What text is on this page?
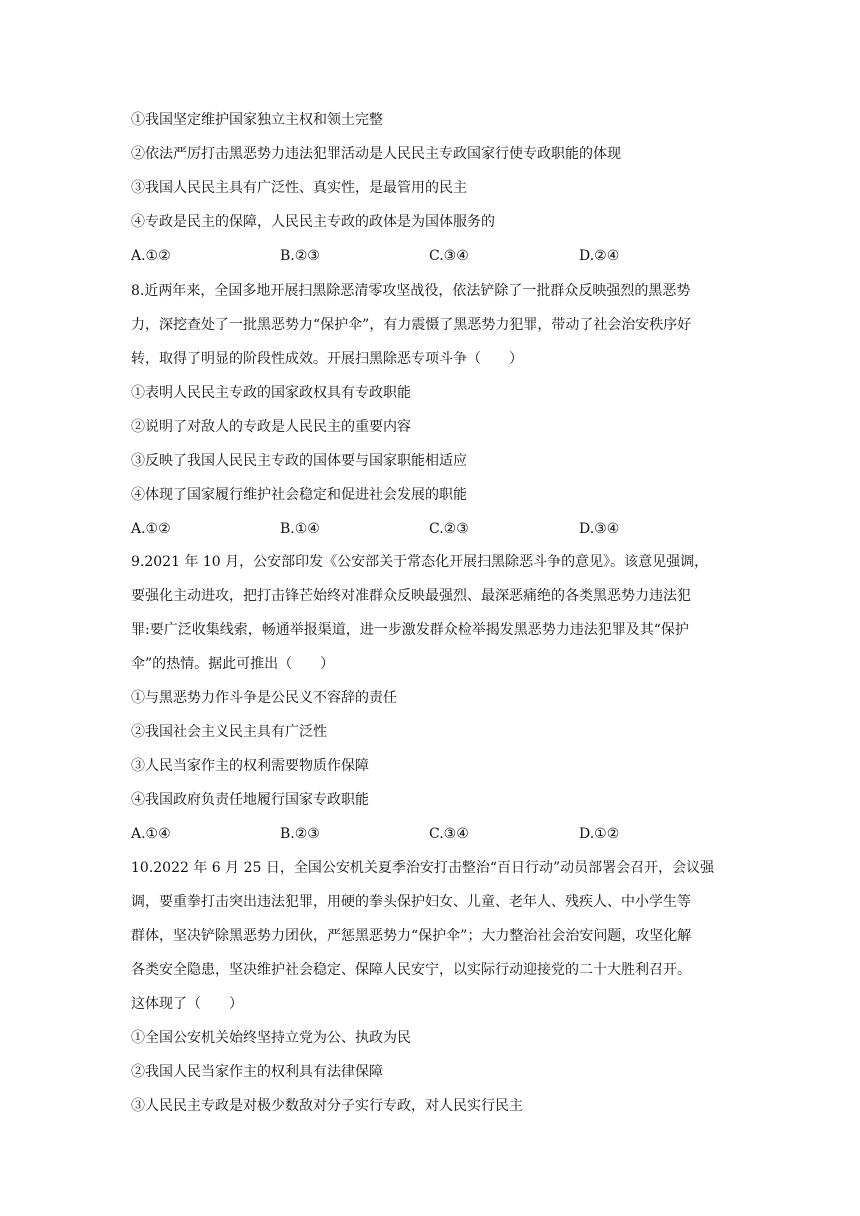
①我国坚定维护国家独立主权和领土完整
②依法严厉打击黑恶势力违法犯罪活动是人民民主专政国家行使专政职能的体现
③我国人民民主具有广泛性、真实性，是最管用的民主
④专政是民主的保障，人民民主专政的政体是为国体服务的
A.①②	B.②③	C.③④	D.②④
8.近两年来，全国多地开展扫黑除恶清零攻坚战役，依法铲除了一批群众反映强烈的黑恶势
力，深挖查处了一批黑恶势力“保护伞”，有力震慑了黑恶势力犯罪，带动了社会治安秩序好
转，取得了明显的阶段性成效。开展扫黑除恶专项斗争（　　）
①表明人民民主专政的国家政权具有专政职能
②说明了对敌人的专政是人民民主的重要内容
③反映了我国人民民主专政的国体要与国家职能相适应
④体现了国家履行维护社会稳定和促进社会发展的职能
A.①②	B.①④	C.②③	D.③④
9.2021 年 10 月，公安部印发《公安部关于常态化开展扫黑除恶斗争的意见》。该意见强调，
要强化主动进攻，把打击锋芒始终对准群众反映最强烈、最深恶痛绝的各类黑恶势力违法犯
罪:要广泛收集线索，畅通举报渠道，进一步激发群众检举揭发黑恶势力违法犯罪及其“保护
伞”的热情。据此可推出（　　）
①与黑恶势力作斗争是公民义不容辞的责任
②我国社会主义民主具有广泛性
③人民当家作主的权利需要物质作保障
④我国政府负责任地履行国家专政职能
A.①④	B.②③	C.③④	D.①②
10.2022 年 6 月 25 日，全国公安机关夏季治安打击整治“百日行动”动员部署会召开，会议强
调，要重拳打击突出违法犯罪，用硬的拳头保护妇女、儿童、老年人、残疾人、中小学生等
群体，坚决铲除黑恶势力团伙，严惩黑恶势力“保护伞”；大力整治社会治安问题，攻坚化解
各类安全隐患，坚决维护社会稳定、保障人民安宁，以实际行动迎接党的二十大胜利召开。
这体现了（　　）
①全国公安机关始终坚持立党为公、执政为民
②我国人民当家作主的权利具有法律保障
③人民民主专政是对极少数敌对分子实行专政，对人民实行民主
